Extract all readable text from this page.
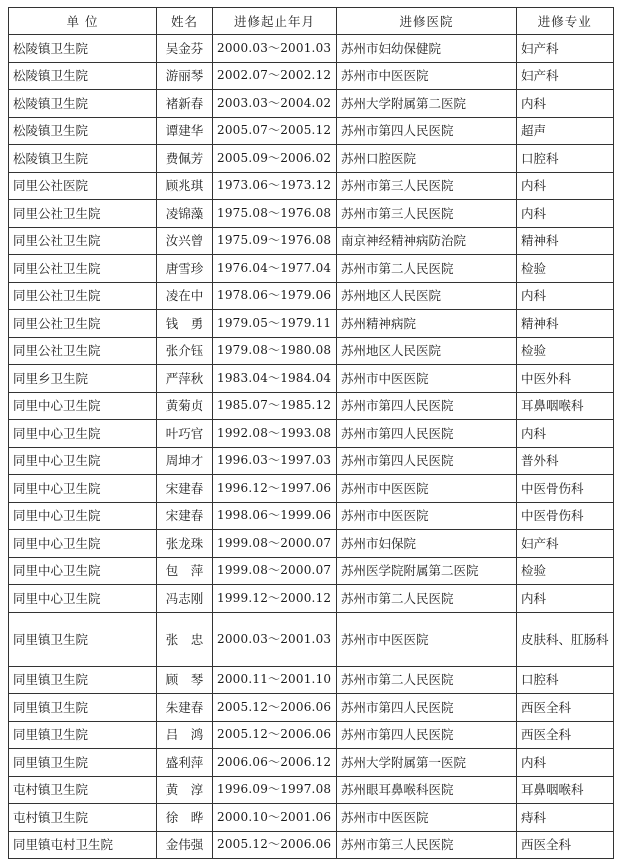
单 位	姓名	进修起止年月	进修医院	进修专业
松陵镇卫生院	吴金芬	2000.03～2001.03	苏州市妇幼保健院	妇产科
松陵镇卫生院	游丽琴	2002.07～2002.12	苏州市中医医院	妇产科
松陵镇卫生院	褚新春	2003.03～2004.02	苏州大学附属第二医院	内科
松陵镇卫生院	谭建华	2005.07～2005.12	苏州市第四人民医院	超声
松陵镇卫生院	费佩芳	2005.09～2006.02	苏州口腔医院	口腔科
同里公社医院	顾兆琪	1973.06～1973.12	苏州市第三人民医院	内科
同里公社卫生院	凌锦藻	1975.08～1976.08	苏州市第三人民医院	内科
同里公社卫生院	汝兴曾	1975.09～1976.08	南京神经精神病防治院	精神科
同里公社卫生院	唐雪珍	1976.04～1977.04	苏州市第二人民医院	检验
同里公社卫生院	凌在中	1978.06～1979.06	苏州地区人民医院	内科
同里公社卫生院	钱　勇	1979.05～1979.11	苏州精神病院	精神科
同里公社卫生院	张介钰	1979.08～1980.08	苏州地区人民医院	检验
同里乡卫生院	严萍秋	1983.04～1984.04	苏州市中医医院	中医外科
同里中心卫生院	黄菊贞	1985.07～1985.12	苏州市第四人民医院	耳鼻咽喉科
同里中心卫生院	叶巧官	1992.08～1993.08	苏州市第四人民医院	内科
同里中心卫生院	周坤才	1996.03～1997.03	苏州市第四人民医院	普外科
同里中心卫生院	宋建春	1996.12～1997.06	苏州市中医医院	中医骨伤科
同里中心卫生院	宋建春	1998.06～1999.06	苏州市中医医院	中医骨伤科
同里中心卫生院	张龙珠	1999.08～2000.07	苏州市妇保院	妇产科
同里中心卫生院	包　萍	1999.08～2000.07	苏州医学院附属第二医院	检验
同里中心卫生院	冯志刚	1999.12～2000.12	苏州市第二人民医院	内科
同里镇卫生院	张　忠	2000.03～2001.03	苏州市中医医院	皮肤科、肛肠科
同里镇卫生院	顾　琴	2000.11～2001.10	苏州市第二人民医院	口腔科
同里镇卫生院	朱建春	2005.12～2006.06	苏州市第四人民医院	西医全科
同里镇卫生院	吕　鸿	2005.12～2006.06	苏州市第四人民医院	西医全科
同里镇卫生院	盛利萍	2006.06～2006.12	苏州大学附属第一医院	内科
屯村镇卫生院	黄　淳	1996.09～1997.08	苏州眼耳鼻喉科医院	耳鼻咽喉科
屯村镇卫生院	徐　晔	2000.10～2001.06	苏州市中医医院	痔科
同里镇屯村卫生院	金伟强	2005.12～2006.06	苏州市第三人民医院	西医全科
